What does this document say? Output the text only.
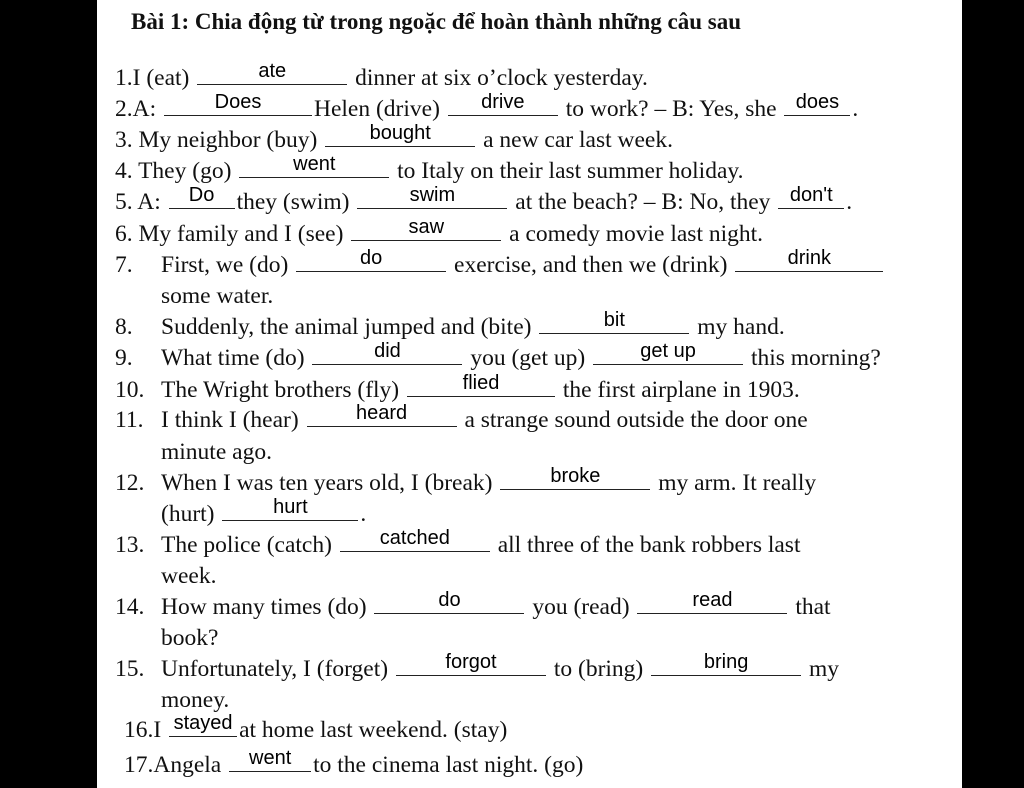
Bài 1: Chia động từ trong ngoặc để hoàn thành những câu sau
1.I (eat)	ate	dinner at six o’clock yesterday.
2.A:	Does	Helen (drive)	drive	to work? – B: Yes, she does .
3. My neighbor (buy)	bought	a new car last week.
4. They (go)	went	to Italy on their last summer holiday.
5. A:	Do they (swim)	swim	at the beach? – B: No, they don't .
6. My family and I (see)	saw	a comedy movie last night.
7. First, we (do)	do	exercise, and then we (drink)	drink
some water.
8. Suddenly, the animal jumped and (bite)	bit	my hand.
9. What time (do)	did	you (get up)	get up	this morning?
10. The Wright brothers (fly)	flied	the first airplane in 1903.
11. I think I (hear)	heard	a strange sound outside the door one
minute ago.
12. When I was ten years old, I (break)	broke	my arm. It really
(hurt)	hurt	.
13. The police (catch)	catched	all three of the bank robbers last
week.
14. How many times (do)	do	you (read)	read	that
book?
15. Unfortunately, I (forget)	forgot	to (bring)	bring	my
money.
16.I stayed at home last weekend. (stay)
17.Angela	went to the cinema last night. (go)
